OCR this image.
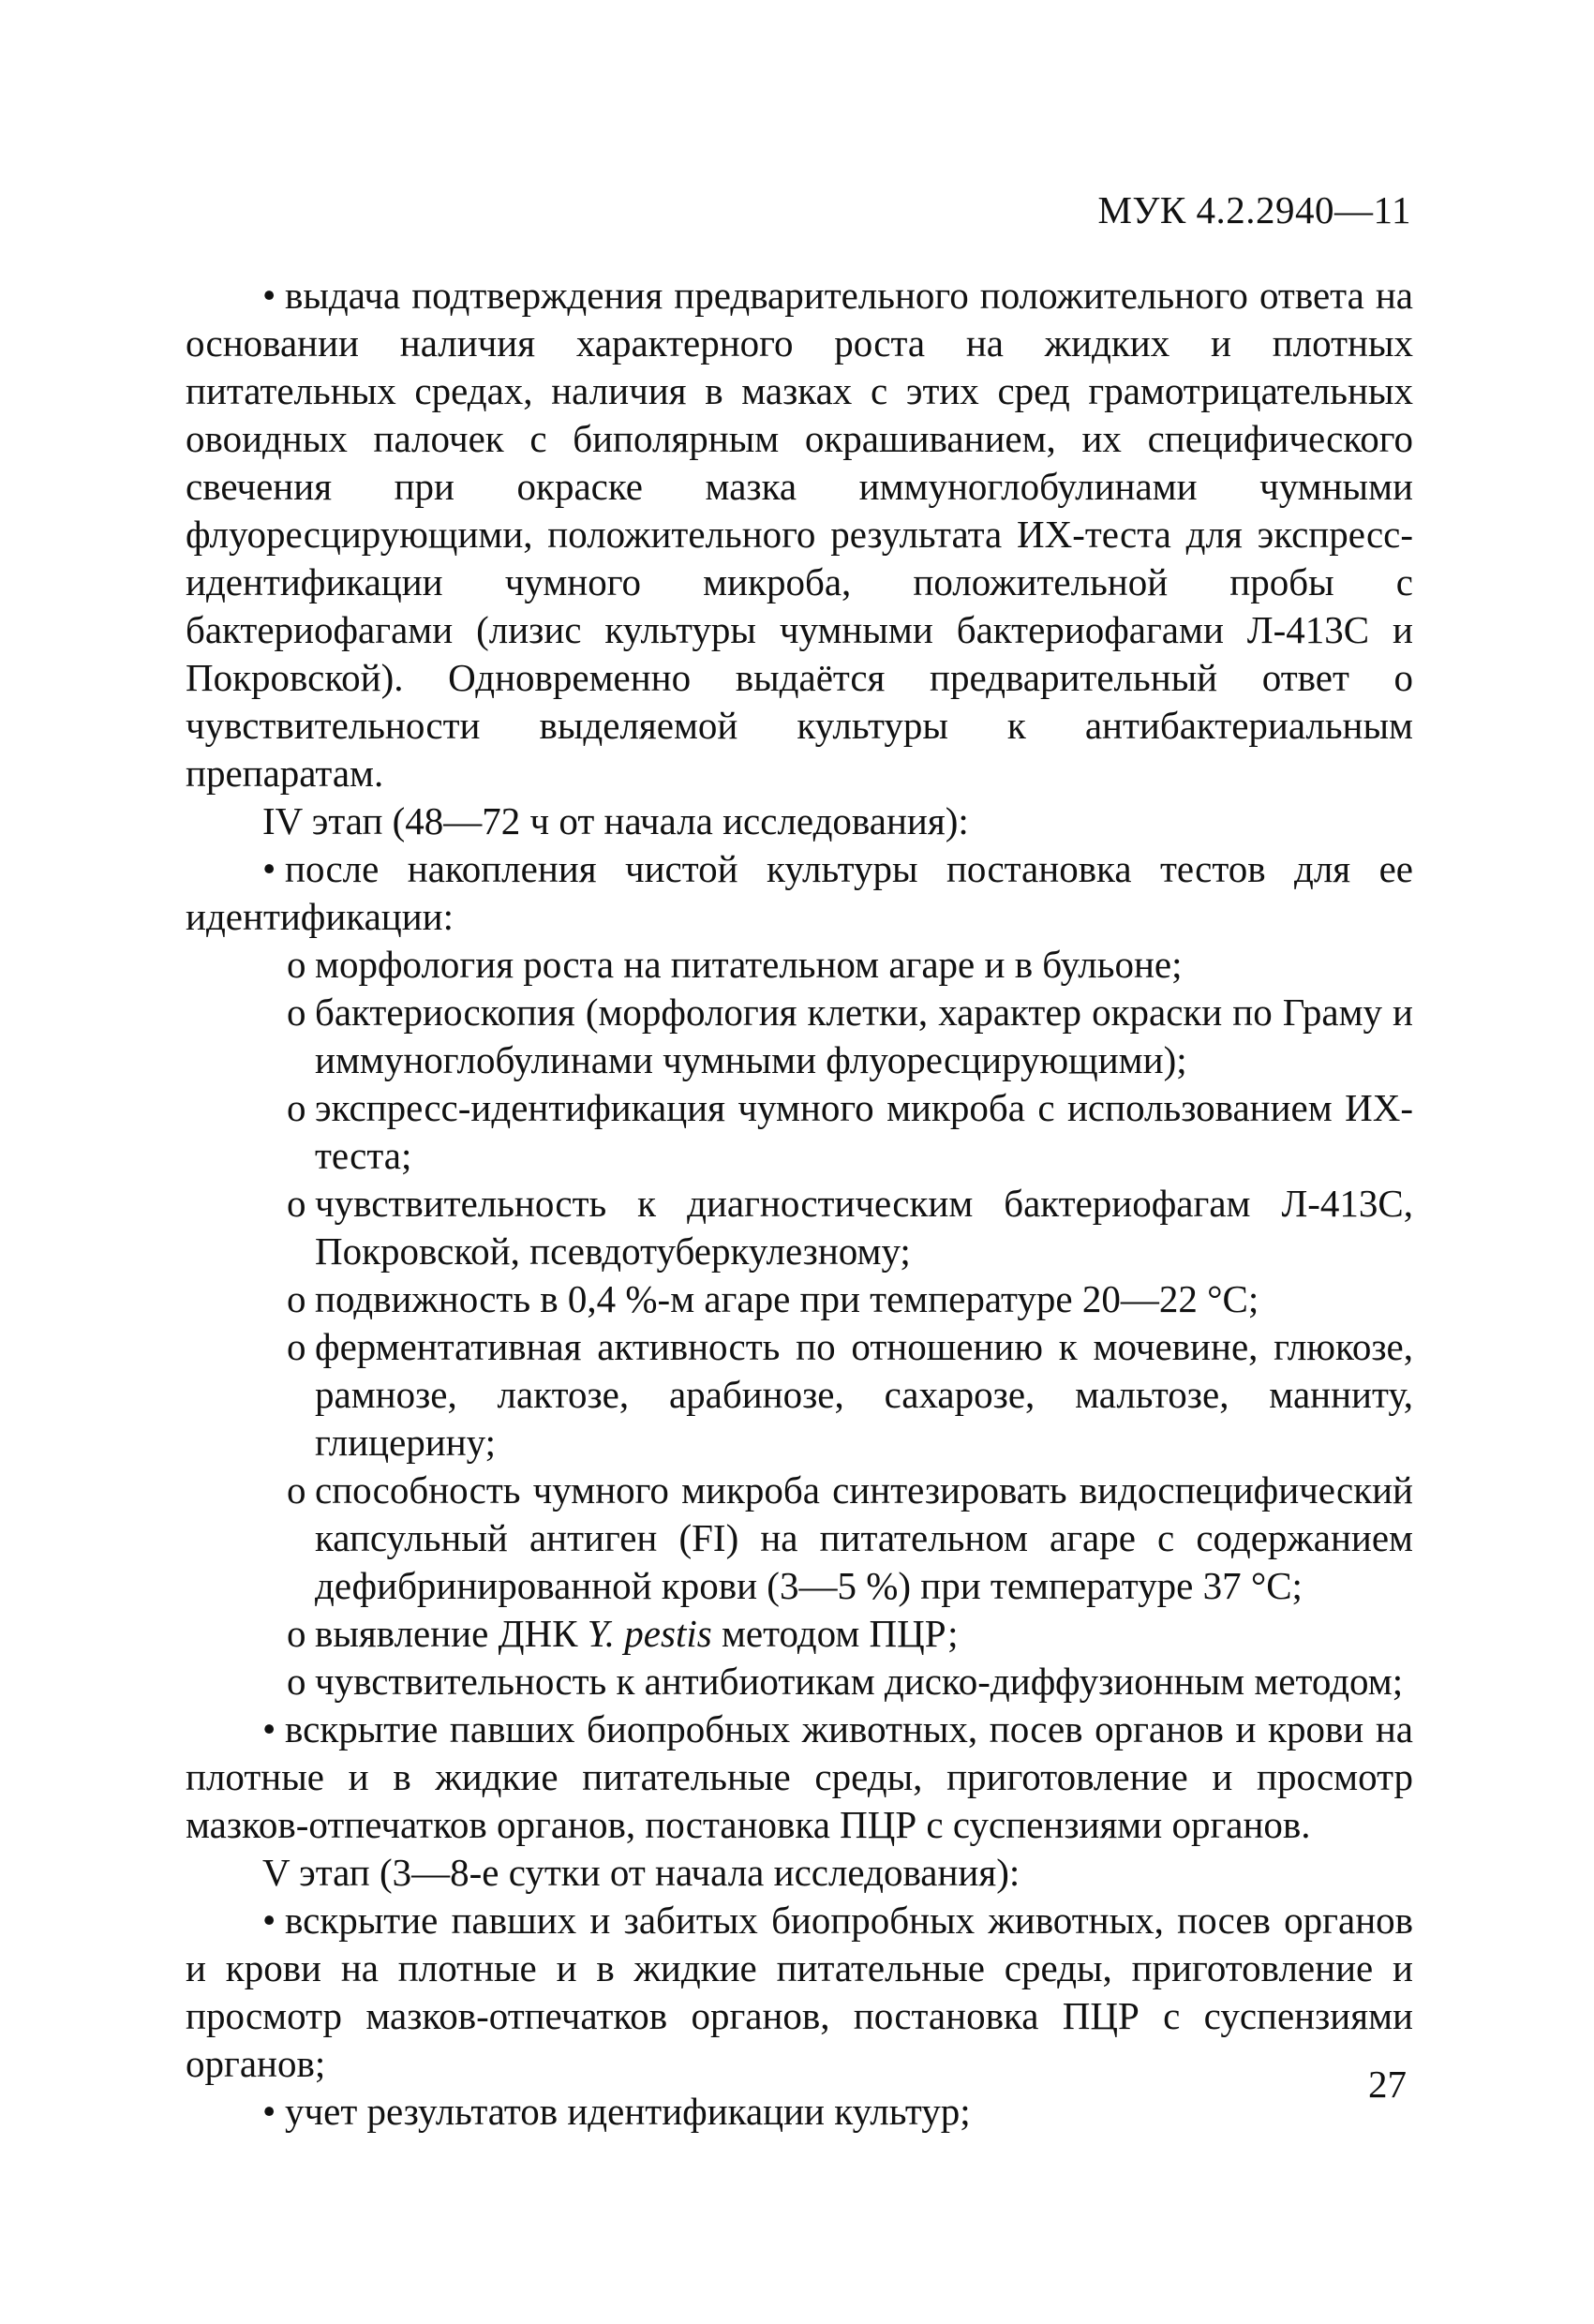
МУК 4.2.2940—11

• выдача подтверждения предварительного положительного ответа на основании наличия характерного роста на жидких и плотных питательных средах, наличия в мазках с этих сред грамотрицательных овоидных палочек с биполярным окрашиванием, их специфического свечения при окраске мазка иммуноглобулинами чумными флуоресцирующими, положительного результата ИХ-теста для экспресс-идентификации чумного микроба, положительной пробы с бактериофагами (лизис культуры чумными бактериофагами Л-413С и Покровской). Одновременно выдаётся предварительный ответ о чувствительности выделяемой культуры к антибактериальным препаратам.

IV этап (48—72 ч от начала исследования):

• после накопления чистой культуры постановка тестов для ее идентификации:

o морфология роста на питательном агаре и в бульоне;

o бактериоскопия (морфология клетки, характер окраски по Граму и иммуноглобулинами чумными флуоресцирующими);

o экспресс-идентификация чумного микроба с использованием ИХ-теста;

o чувствительность к диагностическим бактериофагам Л-413С, Покровской, псевдотуберкулезному;

o подвижность в 0,4 %-м агаре при температуре 20—22 °С;

o ферментативная активность по отношению к мочевине, глюкозе, рамнозе, лактозе, арабинозе, сахарозе, мальтозе, манниту, глицерину;

o способность чумного микроба синтезировать видоспецифический капсульный антиген (FI) на питательном агаре с содержанием дефибринированной крови (3—5 %) при температуре 37 °С;

o выявление ДНК Y. pestis методом ПЦР;

o чувствительность к антибиотикам диско-диффузионным методом;

• вскрытие павших биопробных животных, посев органов и крови на плотные и в жидкие питательные среды, приготовление и просмотр мазков-отпечатков органов, постановка ПЦР с суспензиями органов.

V этап (3—8-е сутки от начала исследования):

• вскрытие павших и забитых биопробных животных, посев органов и крови на плотные и в жидкие питательные среды, приготовление и просмотр мазков-отпечатков органов, постановка ПЦР с суспензиями органов;

• учет результатов идентификации культур;

27
